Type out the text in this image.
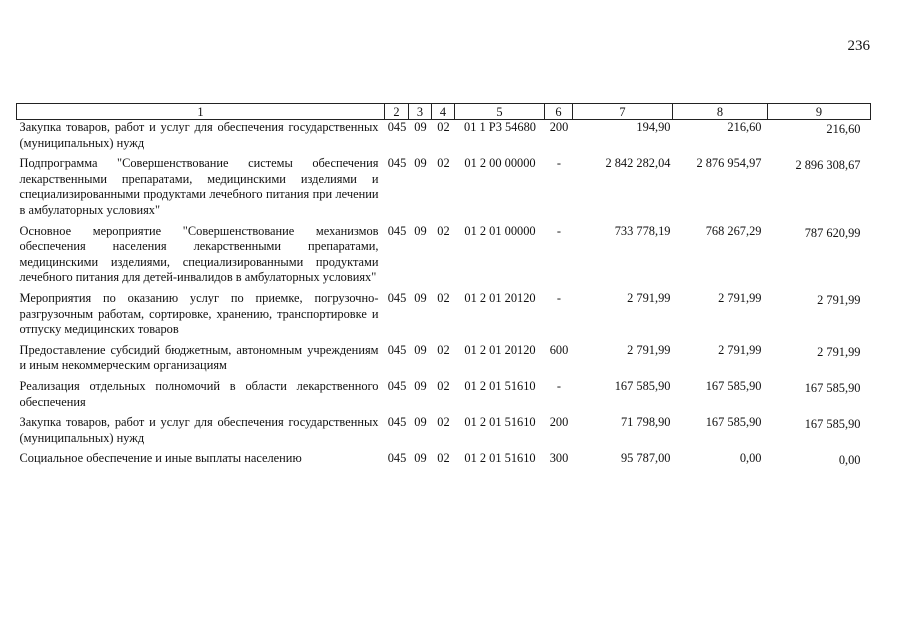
236
1	2	3	4	5	6	7	8	9
Закупка товаров, работ и услуг для обеспечения государственных (муниципальных) нужд	045	09	02	01 1 P3 54680	200	194,90	216,60	216,60
Подпрограмма "Совершенствование системы обеспечения лекарственными препаратами, медицинскими изделиями и специализированными продуктами лечебного питания при лечении в амбулаторных условиях"	045	09	02	01 2 00 00000	-	2 842 282,04	2 876 954,97	2 896 308,67
Основное мероприятие "Совершенствование механизмов обеспечения населения лекарственными препаратами, медицинскими изделиями, специализированными продуктами лечебного питания для детей-инвалидов в амбулаторных условиях"	045	09	02	01 2 01 00000	-	733 778,19	768 267,29	787 620,99
Мероприятия по оказанию услуг по приемке, погрузочно-разгрузочным работам, сортировке, хранению, транспортировке и отпуску медицинских товаров	045	09	02	01 2 01 20120	-	2 791,99	2 791,99	2 791,99
Предоставление субсидий бюджетным, автономным учреждениям и иным некоммерческим организациям	045	09	02	01 2 01 20120	600	2 791,99	2 791,99	2 791,99
Реализация отдельных полномочий в области лекарственного обеспечения	045	09	02	01 2 01 51610	-	167 585,90	167 585,90	167 585,90
Закупка товаров, работ и услуг для обеспечения государственных (муниципальных) нужд	045	09	02	01 2 01 51610	200	71 798,90	167 585,90	167 585,90
Социальное обеспечение и иные выплаты населению	045	09	02	01 2 01 51610	300	95 787,00	0,00	0,00
